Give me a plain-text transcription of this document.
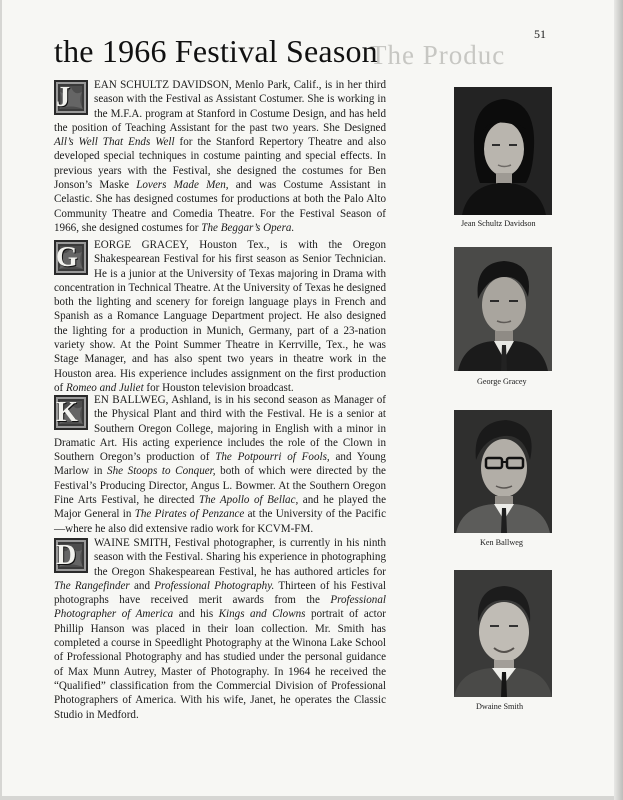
51
The Produc
the 1966 Festival Season

J	EAN SCHULTZ DAVIDSON, Menlo Park, Calif., is in her third season with the Festival as Assistant Costumer. She is working in the M.F.A. program at Stanford in Costume Design, and has held the position of Teaching Assistant for the past two years. She Designed All’s Well That Ends Well for the Stanford Repertory Theatre and also developed special techniques in costume painting and special effects. In previous years with the Festival, she designed the costumes for Ben Jonson’s Maske Lovers Made Men, and was Costume Assistant in Celastic. She has designed costumes for productions at both the Palo Alto Community Theatre and Comedia Theatre. For the Festival Season of 1966, she designed costumes for The Beggar’s Opera.	Jean Schultz Davidson

G	EORGE GRACEY, Houston Tex., is with the Oregon Shakespearean Festival for his first season as Senior Technician. He is a junior at the University of Texas majoring in Drama with concentration in Technical Theatre. At the University of Texas he designed both the lighting and scenery for foreign language plays in French and Spanish as a Romance Language Department project. He also designed the lighting for a production in Munich, Germany, part of a 23-nation variety show. At the Point Summer Theatre in Kerrville, Tex., he was Stage Manager, and has also spent two years in theatre work in the Houston area. His experience includes assignment on the first production of Romeo and Juliet for Houston television broadcast.

George Gracey

K	EN BALLWEG, Ashland, is in his second season as Manager of the Physical Plant and third with the Festival. He is a senior at Southern Oregon College, majoring in English with a minor in Dramatic Art. His acting experience includes the role of the Clown in Southern Oregon’s production of The Potpourri of Fools, and Young Marlow in She Stoops to Conquer, both of which were directed by the Festival’s Producing Director, Angus L. Bowmer. At the Southern Oregon Fine Arts Festival, he directed The Apollo of Bellac, and he played the Major General in The Pirates of Penzance at the University of the Pacific —where he also did extensive radio work for KCVM-FM.

Ken Ballweg

D	WAINE SMITH, Festival photographer, is currently in his ninth season with the Festival. Sharing his experience in photographing the Oregon Shakespearean Festival, he has authored articles for The Rangefinder and Professional Photography. Thirteen of his Festival photographs have received merit awards from the Professional Photographer of America and his Kings and Clowns portrait of actor Phillip Hanson was placed in their loan collection. Mr. Smith has completed a course in Speedlight Photography at the Winona Lake School of Professional Photography and has studied under the personal guidance of Max Munn Autrey, Master of Photography. In 1964 he received the “Qualified” classification from the Commercial Division of Professional Photographers of America. With his wife, Janet, he operates the Classic Studio in Medford.

Dwaine Smith
